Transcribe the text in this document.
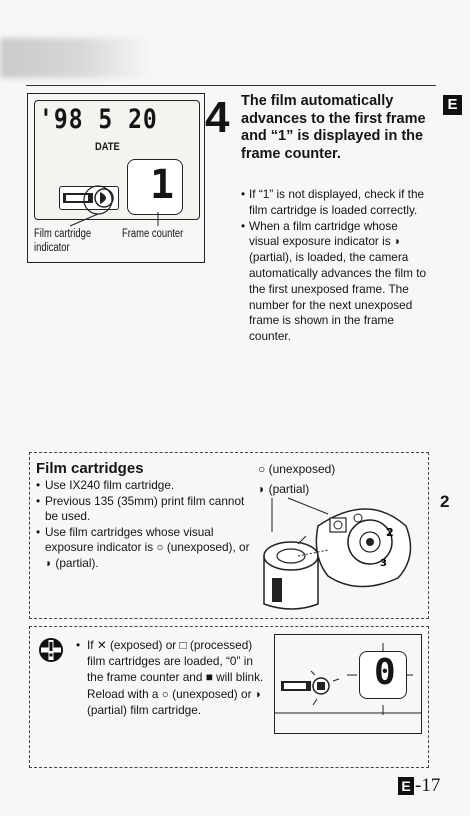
E
2
'98 5 20
DATE
1
Film cartridge
indicator
Frame counter
4 The film automatically advances to the first frame and “1” is displayed in the frame counter.
• If “1” is not displayed, check if the film cartridge is loaded correctly.
• When a film cartridge whose visual exposure indicator is ◗ (partial), is loaded, the camera automatically advances the film to the first unexposed frame. The number for the next unexposed frame is shown in the frame counter.
Film cartridges
• Use IX240 film cartridge.
• Previous 135 (35mm) print film cannot be used.
• Use film cartridges whose visual exposure indicator is ○ (unexposed), or ◗ (partial).
○ (unexposed)
◗ (partial)
2
3
• If ✕ (exposed) or □ (processed) film cartridges are loaded, “0” in the frame counter and ■ will blink. Reload with a ○ (unexposed) or ◗ (partial) film cartridge.
0
E -17
